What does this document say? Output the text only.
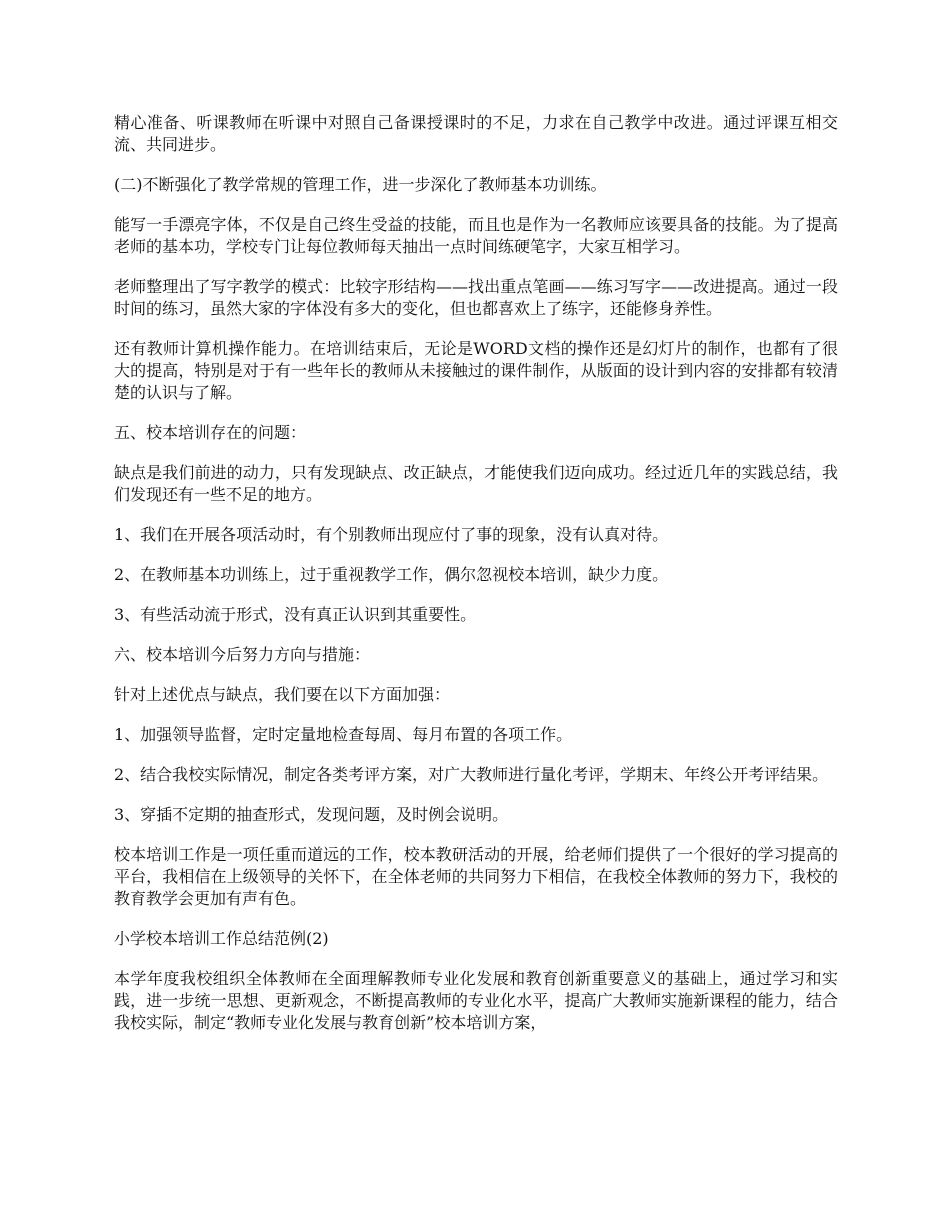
精心准备、听课教师在听课中对照自己备课授课时的不足，力求在自己教学中改进。通过评课互相交流、共同进步。

(二)不断强化了教学常规的管理工作，进一步深化了教师基本功训练。

能写一手漂亮字体，不仅是自己终生受益的技能，而且也是作为一名教师应该要具备的技能。为了提高老师的基本功，学校专门让每位教师每天抽出一点时间练硬笔字，大家互相学习。

老师整理出了写字教学的模式：比较字形结构——找出重点笔画——练习写字——改进提高。通过一段时间的练习，虽然大家的字体没有多大的变化，但也都喜欢上了练字，还能修身养性。

还有教师计算机操作能力。在培训结束后，无论是WORD文档的操作还是幻灯片的制作，也都有了很大的提高，特别是对于有一些年长的教师从未接触过的课件制作，从版面的设计到内容的安排都有较清楚的认识与了解。

五、校本培训存在的问题：

缺点是我们前进的动力，只有发现缺点、改正缺点，才能使我们迈向成功。经过近几年的实践总结，我们发现还有一些不足的地方。

1、我们在开展各项活动时，有个别教师出现应付了事的现象，没有认真对待。

2、在教师基本功训练上，过于重视教学工作，偶尔忽视校本培训，缺少力度。

3、有些活动流于形式，没有真正认识到其重要性。

六、校本培训今后努力方向与措施：

针对上述优点与缺点，我们要在以下方面加强：

1、加强领导监督，定时定量地检查每周、每月布置的各项工作。

2、结合我校实际情况，制定各类考评方案，对广大教师进行量化考评，学期末、年终公开考评结果。

3、穿插不定期的抽查形式，发现问题，及时例会说明。

校本培训工作是一项任重而道远的工作，校本教研活动的开展，给老师们提供了一个很好的学习提高的平台，我相信在上级领导的关怀下，在全体老师的共同努力下相信，在我校全体教师的努力下，我校的教育教学会更加有声有色。

小学校本培训工作总结范例(2)

本学年度我校组织全体教师在全面理解教师专业化发展和教育创新重要意义的基础上，通过学习和实践，进一步统一思想、更新观念，不断提高教师的专业化水平，提高广大教师实施新课程的能力，结合我校实际，制定“教师专业化发展与教育创新”校本培训方案，
